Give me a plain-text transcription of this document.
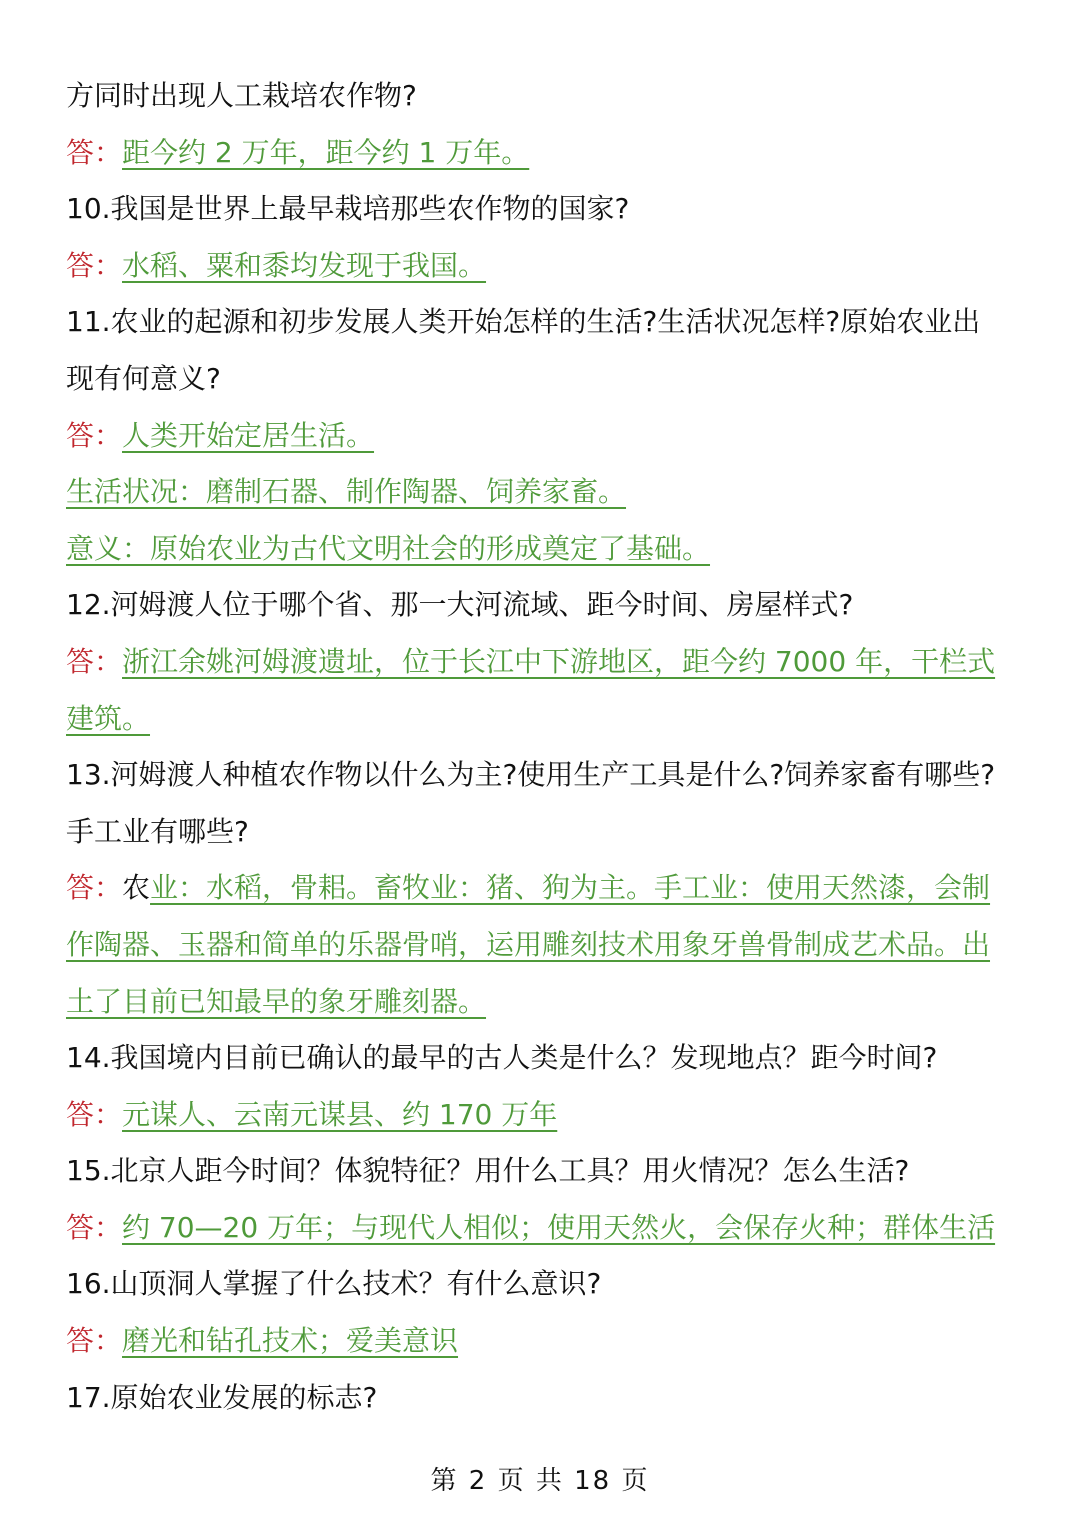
方同时出现人工栽培农作物?
答：距今约 2 万年，距今约 1 万年。
10.我国是世界上最早栽培那些农作物的国家?
答：水稻、粟和黍均发现于我国。
11.农业的起源和初步发展人类开始怎样的生活?生活状况怎样?原始农业出
现有何意义?
答：人类开始定居生活。
生活状况：磨制石器、制作陶器、饲养家畜。
意义：原始农业为古代文明社会的形成奠定了基础。
12.河姆渡人位于哪个省、那一大河流域、距今时间、房屋样式?
答：浙江余姚河姆渡遗址，位于长江中下游地区，距今约 7000 年，干栏式
建筑。
13.河姆渡人种植农作物以什么为主?使用生产工具是什么?饲养家畜有哪些?
手工业有哪些?
答：农业：水稻，骨耜。畜牧业：猪、狗为主。手工业：使用天然漆，会制
作陶器、玉器和简单的乐器骨哨，运用雕刻技术用象牙兽骨制成艺术品。出
土了目前已知最早的象牙雕刻器。
14.我国境内目前已确认的最早的古人类是什么？发现地点？距今时间?
答：元谋人、云南元谋县、约 170 万年
15.北京人距今时间？体貌特征？用什么工具？用火情况？怎么生活?
答：约 70—20 万年；与现代人相似；使用天然火，会保存火种；群体生活
16.山顶洞人掌握了什么技术？有什么意识?
答：磨光和钻孔技术；爱美意识
17.原始农业发展的标志?
第 2 页 共 18 页
